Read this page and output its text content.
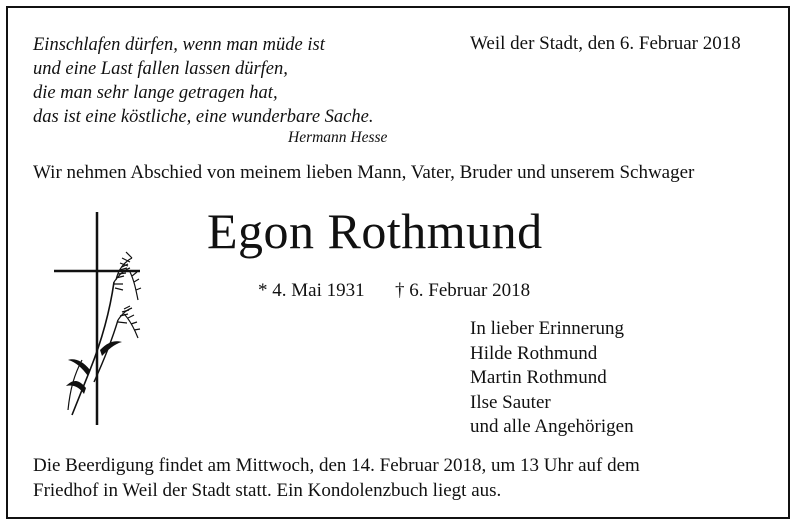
Einschlafen dürfen, wenn man müde ist
und eine Last fallen lassen dürfen,
die man sehr lange getragen hat,
das ist eine köstliche, eine wunderbare Sache.
Hermann Hesse
Weil der Stadt, den 6. Februar 2018
Wir nehmen Abschied von meinem lieben Mann, Vater, Bruder und unserem Schwager
Egon Rothmund
* 4. Mai 1931 † 6. Februar 2018
In lieber Erinnerung
Hilde Rothmund
Martin Rothmund
Ilse Sauter
und alle Angehörigen
Die Beerdigung findet am Mittwoch, den 14. Februar 2018, um 13 Uhr auf dem
Friedhof in Weil der Stadt statt. Ein Kondolenzbuch liegt aus.
